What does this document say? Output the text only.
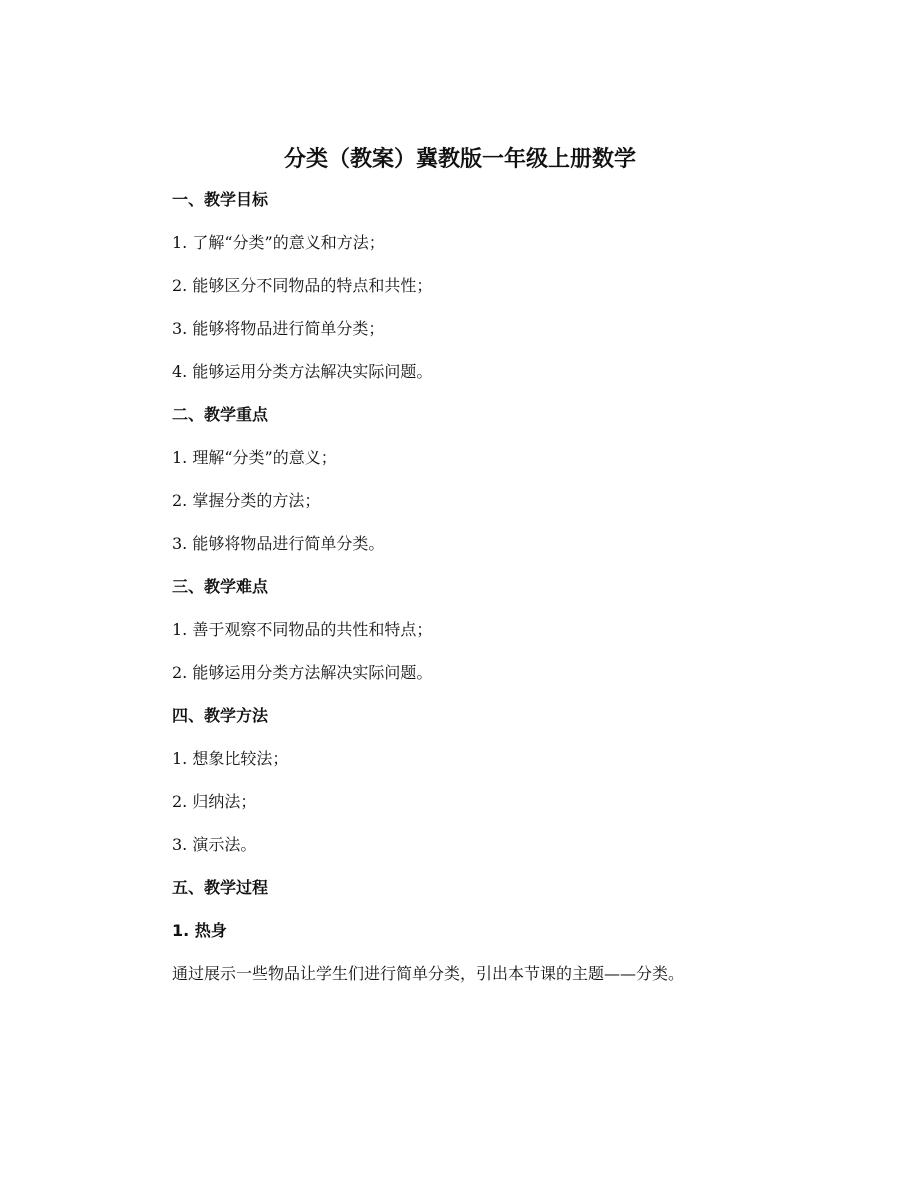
分类（教案）冀教版一年级上册数学
一、教学目标
1. 了解“分类”的意义和方法；
2. 能够区分不同物品的特点和共性；
3. 能够将物品进行简单分类；
4. 能够运用分类方法解决实际问题。
二、教学重点
1. 理解“分类”的意义；
2. 掌握分类的方法；
3. 能够将物品进行简单分类。
三、教学难点
1. 善于观察不同物品的共性和特点；
2. 能够运用分类方法解决实际问题。
四、教学方法
1. 想象比较法；
2. 归纳法；
3. 演示法。
五、教学过程
1. 热身
通过展示一些物品让学生们进行简单分类，引出本节课的主题——分类。
